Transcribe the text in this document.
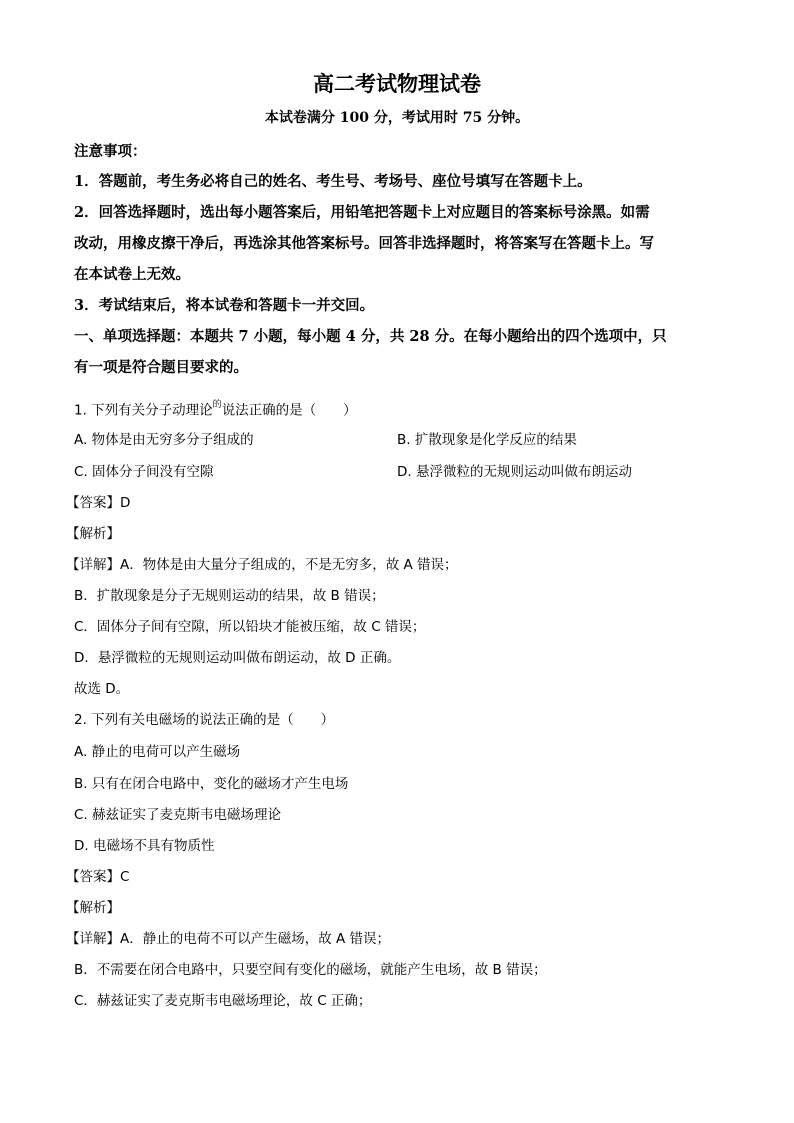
高二考试物理试卷
本试卷满分 100 分，考试用时 75 分钟。
注意事项：
1．答题前，考生务必将自己的姓名、考生号、考场号、座位号填写在答题卡上。
2．回答选择题时，选出每小题答案后，用铅笔把答题卡上对应题目的答案标号涂黑。如需
改动，用橡皮擦干净后，再选涂其他答案标号。回答非选择题时，将答案写在答题卡上。写
在本试卷上无效。
3．考试结束后，将本试卷和答题卡一并交回。
一、单项选择题：本题共 7 小题，每小题 4 分，共 28 分。在每小题给出的四个选项中，只
有一项是符合题目要求的。
1. 下列有关分子动理论$^的$说法正确的是（　　）
A. 物体是由无穷多分子组成的	B. 扩散现象是化学反应的结果
C. 固体分子间没有空隙	D. 悬浮微粒的无规则运动叫做布朗运动
【答案】D
【解析】
【详解】A．物体是由大量分子组成的，不是无穷多，故 A 错误；
B．扩散现象是分子无规则运动的结果，故 B 错误；
C．固体分子间有空隙，所以铅块才能被压缩，故 C 错误；
D．悬浮微粒的无规则运动叫做布朗运动，故 D 正确。
故选 D。
2. 下列有关电磁场的说法正确的是（　　）
A. 静止的电荷可以产生磁场
B. 只有在闭合电路中，变化的磁场才产生电场
C. 赫兹证实了麦克斯韦电磁场理论
D. 电磁场不具有物质性
【答案】C
【解析】
【详解】A．静止的电荷不可以产生磁场，故 A 错误；
B．不需要在闭合电路中，只要空间有变化的磁场，就能产生电场，故 B 错误；
C．赫兹证实了麦克斯韦电磁场理论，故 C 正确；
